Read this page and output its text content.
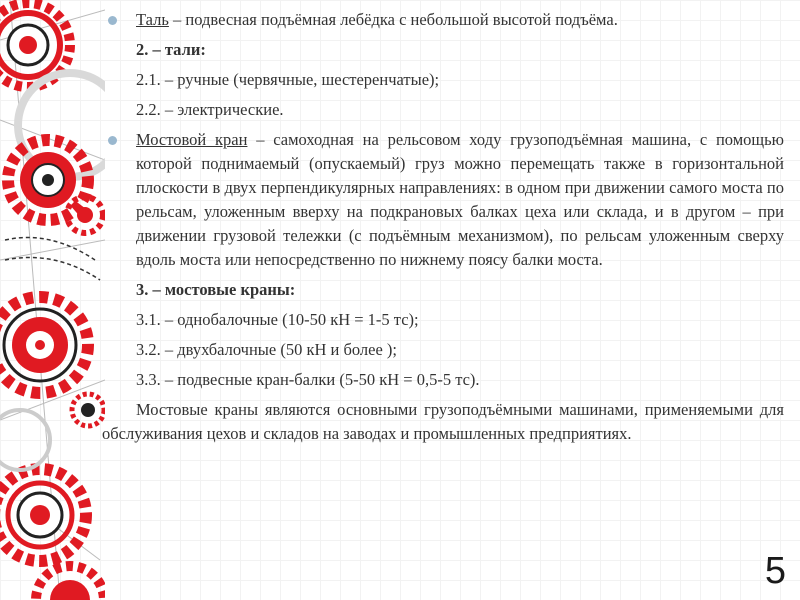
Таль – подвесная подъёмная лебёдка с небольшой высотой подъёма.

2. – тали:

2.1. – ручные (червячные, шестеренчатые);

2.2. – электрические.

Мостовой кран – самоходная на рельсовом ходу грузоподъёмная машина, с помощью которой поднимаемый (опускаемый) груз можно перемещать также в горизонтальной плоскости в двух перпендикулярных направлениях: в одном при движении самого моста по рельсам, уложенным вверху на подкрановых балках цеха или склада, и в другом – при движении грузовой тележки (с подъёмным механизмом), по рельсам уложенным сверху вдоль моста или непосредственно по нижнему поясу балки моста.

3. – мостовые краны:

3.1. – однобалочные (10-50 кН = 1-5 тс);

3.2. – двухбалочные (50 кН и более );

3.3. – подвесные кран-балки (5-50 кН = 0,5-5 тс).

Мостовые краны являются основными грузоподъёмными машинами, применяемыми для обслуживания цехов и складов на заводах и промышленных предприятиях.

5
